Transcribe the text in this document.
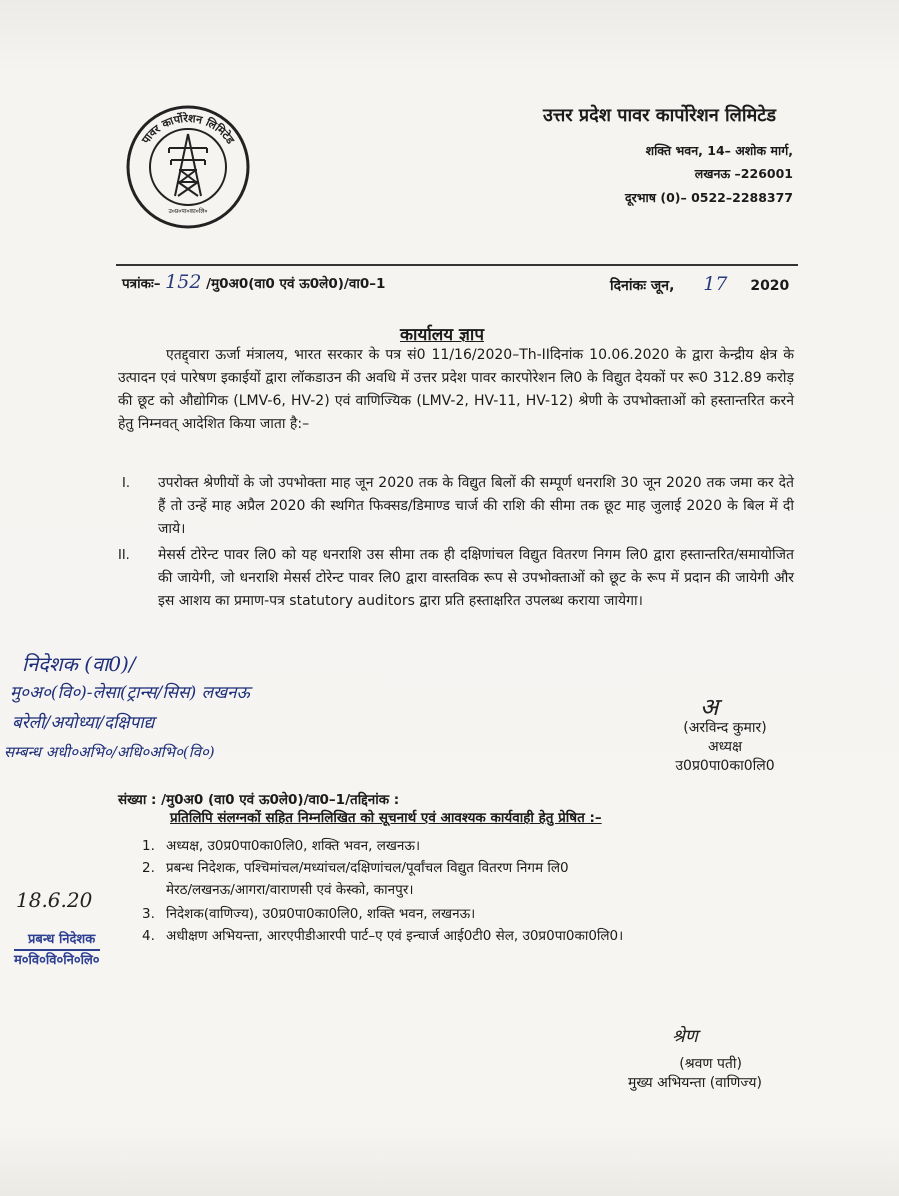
पावर कार्पोरेशन लिमिटेड
उ०प्र०पा०का०लि०
उत्तर प्रदेश पावर कार्पोरेशन लिमिटेड
शक्ति भवन, 14– अशोक मार्ग,
लखनऊ –226001
दूरभाष (0)– 0522–2288377
पत्रांकः– 152 /मु0अ0(वा0 एवं ऊ0ले0)/वा0–1	दिनांकः जून, 17 2020
कार्यालय ज्ञाप
एतद्द्वारा ऊर्जा मंत्रालय, भारत सरकार के पत्र सं0 11/16/2020–Th-IIदिनांक 10.06.2020 के द्वारा केन्द्रीय क्षेत्र के उत्पादन एवं पारेषण इकाईयों द्वारा लॉकडाउन की अवधि में उत्तर प्रदेश पावर कारपोरेशन लि0 के विद्युत देयकों पर रू0 312.89 करोड़ की छूट को औद्योगिक (LMV-6, HV-2) एवं वाणिज्यिक (LMV-2, HV-11, HV-12) श्रेणी के उपभोक्ताओं को हस्तान्तरित करने हेतु निम्नवत् आदेशित किया जाता है:–
I. उपरोक्त श्रेणीयों के जो उपभोक्ता माह जून 2020 तक के विद्युत बिलों की सम्पूर्ण धनराशि 30 जून 2020 तक जमा कर देते हैं तो उन्हें माह अप्रैल 2020 की स्थगित फिक्सड/डिमाण्ड चार्ज की राशि की सीमा तक छूट माह जुलाई 2020 के बिल में दी जाये।
II. मेसर्स टोरेन्ट पावर लि0 को यह धनराशि उस सीमा तक ही दक्षिणांचल विद्युत वितरण निगम लि0 द्वारा हस्तान्तरित/समायोजित की जायेगी, जो धनराशि मेसर्स टोरेन्ट पावर लि0 द्वारा वास्तविक रूप से उपभोक्ताओं को छूट के रूप में प्रदान की जायेगी और इस आशय का प्रमाण-पत्र statutory auditors द्वारा प्रति हस्ताक्षरित उपलब्ध कराया जायेगा।
निदेशक (वा0)/
मु०अ०(वि०)-लेसा(ट्रान्स/सिस) लखनऊ
बरेली/अयोध्या/दक्षिपाद्य
सम्बन्ध अधी०अभि०/अधि०अभि०(वि०)
अ
(अरविन्द कुमार)
अध्यक्ष
उ0प्र0पा0का0लि0
संख्या : /मु0अ0 (वा0 एवं ऊ0ले0)/वा0–1/तद्दिनांक :
प्रतिलिपि संलग्नकों सहित निम्नलिखित को सूचनार्थ एवं आवश्यक कार्यवाही हेतु प्रेषित :–
1. अध्यक्ष, उ0प्र0पा0का0लि0, शक्ति भवन, लखनऊ।
2. प्रबन्ध निदेशक, पश्चिमांचल/मध्यांचल/दक्षिणांचल/पूर्वांचल विद्युत वितरण निगम लि0
मेरठ/लखनऊ/आगरा/वाराणसी एवं केस्को, कानपुर।
3. निदेशक(वाणिज्य), उ0प्र0पा0का0लि0, शक्ति भवन, लखनऊ।
4. अधीक्षण अभियन्ता, आरएपीडीआरपी पार्ट–ए एवं इन्चार्ज आई0टी0 सेल, उ0प्र0पा0का0लि0।
18.6.20
प्रबन्ध निदेशक
म०वि०वि०नि०लि०
श्रेण
(श्रवण पती)
मुख्य अभियन्ता (वाणिज्य)
